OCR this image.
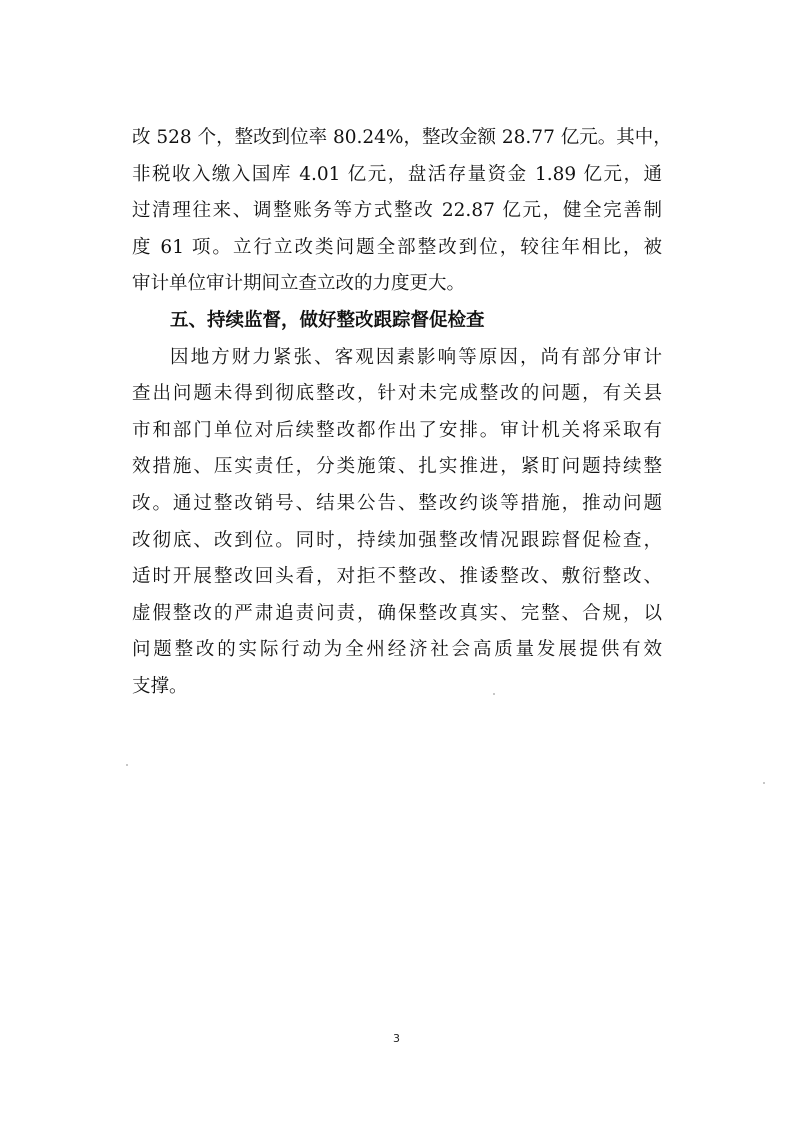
改 528 个，整改到位率 80.24%，整改金额 28.77 亿元。其中，
非税收入缴入国库 4.01 亿元，盘活存量资金 1.89 亿元，通
过清理往来、调整账务等方式整改 22.87 亿元，健全完善制
度 61 项。立行立改类问题全部整改到位，较往年相比，被
审计单位审计期间立查立改的力度更大。
五、持续监督，做好整改跟踪督促检查
因地方财力紧张、客观因素影响等原因，尚有部分审计
查出问题未得到彻底整改，针对未完成整改的问题，有关县
市和部门单位对后续整改都作出了安排。审计机关将采取有
效措施、压实责任，分类施策、扎实推进，紧盯问题持续整
改。通过整改销号、结果公告、整改约谈等措施，推动问题
改彻底、改到位。同时，持续加强整改情况跟踪督促检查，
适时开展整改回头看，对拒不整改、推诿整改、敷衍整改、
虚假整改的严肃追责问责，确保整改真实、完整、合规，以
问题整改的实际行动为全州经济社会高质量发展提供有效
支撑。
3
